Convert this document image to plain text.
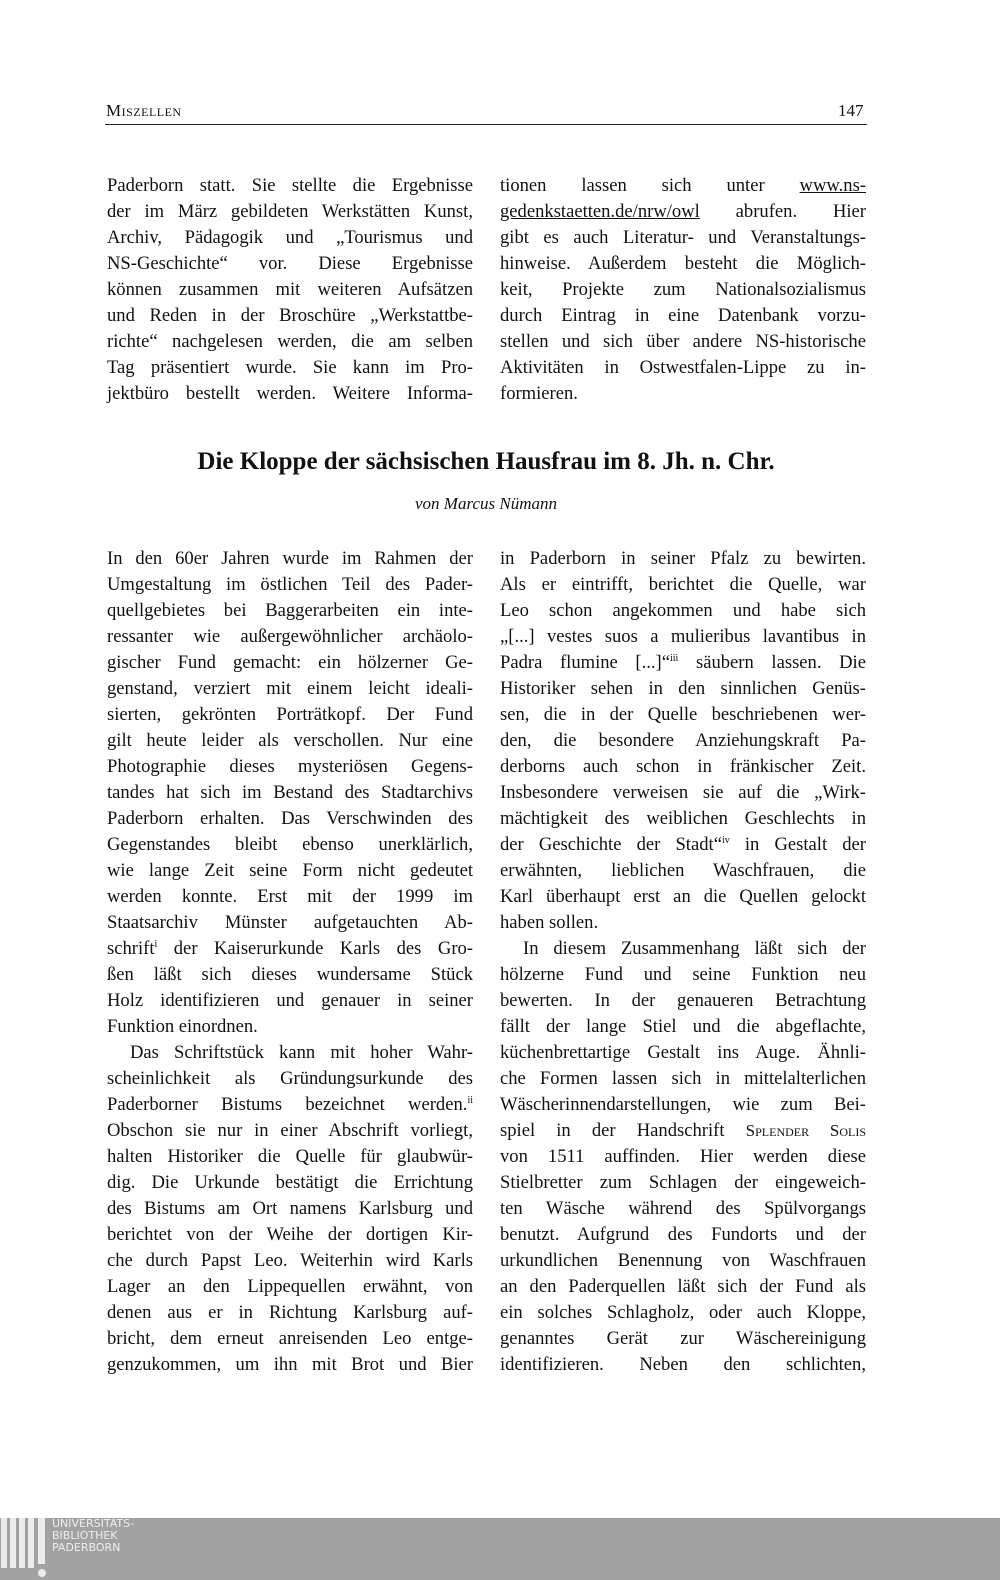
Miszellen	147
Paderborn statt. Sie stellte die Ergebnisse
der im März gebildeten Werkstätten Kunst,
Archiv, Pädagogik und „Tourismus und
NS-Geschichte“ vor. Diese Ergebnisse
können zusammen mit weiteren Aufsätzen
und Reden in der Broschüre „Werkstattbe-
richte“ nachgelesen werden, die am selben
Tag präsentiert wurde. Sie kann im Pro-
jektbüro bestellt werden. Weitere Informa-
tionen lassen sich unter www.ns-
gedenkstaetten.de/nrw/owl abrufen. Hier
gibt es auch Literatur- und Veranstaltungs-
hinweise. Außerdem besteht die Möglich-
keit, Projekte zum Nationalsozialismus
durch Eintrag in eine Datenbank vorzu-
stellen und sich über andere NS-historische
Aktivitäten in Ostwestfalen-Lippe zu in-
formieren.
Die Kloppe der sächsischen Hausfrau im 8. Jh. n. Chr.
von Marcus Nümann
In den 60er Jahren wurde im Rahmen der
Umgestaltung im östlichen Teil des Pader-
quellgebietes bei Baggerarbeiten ein inte-
ressanter wie außergewöhnlicher archäolo-
gischer Fund gemacht: ein hölzerner Ge-
genstand, verziert mit einem leicht ideali-
sierten, gekrönten Porträtkopf. Der Fund
gilt heute leider als verschollen. Nur eine
Photographie dieses mysteriösen Gegens-
tandes hat sich im Bestand des Stadtarchivs
Paderborn erhalten. Das Verschwinden des
Gegenstandes bleibt ebenso unerklärlich,
wie lange Zeit seine Form nicht gedeutet
werden konnte. Erst mit der 1999 im
Staatsarchiv Münster aufgetauchten Ab-
schrift$^i$ der Kaiserurkunde Karls des Gro-
ßen läßt sich dieses wundersame Stück
Holz identifizieren und genauer in seiner
Funktion einordnen.
Das Schriftstück kann mit hoher Wahr-
scheinlichkeit als Gründungsurkunde des
Paderborner Bistums bezeichnet werden.$^{ii}$
Obschon sie nur in einer Abschrift vorliegt,
halten Historiker die Quelle für glaubwür-
dig. Die Urkunde bestätigt die Errichtung
des Bistums am Ort namens Karlsburg und
berichtet von der Weihe der dortigen Kir-
che durch Papst Leo. Weiterhin wird Karls
Lager an den Lippequellen erwähnt, von
denen aus er in Richtung Karlsburg auf-
bricht, dem erneut anreisenden Leo entge-
genzukommen, um ihn mit Brot und Bier
in Paderborn in seiner Pfalz zu bewirten.
Als er eintrifft, berichtet die Quelle, war
Leo schon angekommen und habe sich
„[...] vestes suos a mulieribus lavantibus in
Padra flumine [...]“$^{iii}$ säubern lassen. Die
Historiker sehen in den sinnlichen Genüs-
sen, die in der Quelle beschriebenen wer-
den, die besondere Anziehungskraft Pa-
derborns auch schon in fränkischer Zeit.
Insbesondere verweisen sie auf die „Wirk-
mächtigkeit des weiblichen Geschlechts in
der Geschichte der Stadt“$^{iv}$ in Gestalt der
erwähnten, lieblichen Waschfrauen, die
Karl überhaupt erst an die Quellen gelockt
haben sollen.
In diesem Zusammenhang läßt sich der
hölzerne Fund und seine Funktion neu
bewerten. In der genaueren Betrachtung
fällt der lange Stiel und die abgeflachte,
küchenbrettartige Gestalt ins Auge. Ähnli-
che Formen lassen sich in mittelalterlichen
Wäscherinnendarstellungen, wie zum Bei-
spiel in der Handschrift Splender Solis
von 1511 auffinden. Hier werden diese
Stielbretter zum Schlagen der eingeweich-
ten Wäsche während des Spülvorgangs
benutzt. Aufgrund des Fundorts und der
urkundlichen Benennung von Waschfrauen
an den Paderquellen läßt sich der Fund als
ein solches Schlagholz, oder auch Kloppe,
genanntes Gerät zur Wäschereinigung
identifizieren. Neben den schlichten,
UNIVERSITÄTS-
BIBLIOTHEK
PADERBORN
